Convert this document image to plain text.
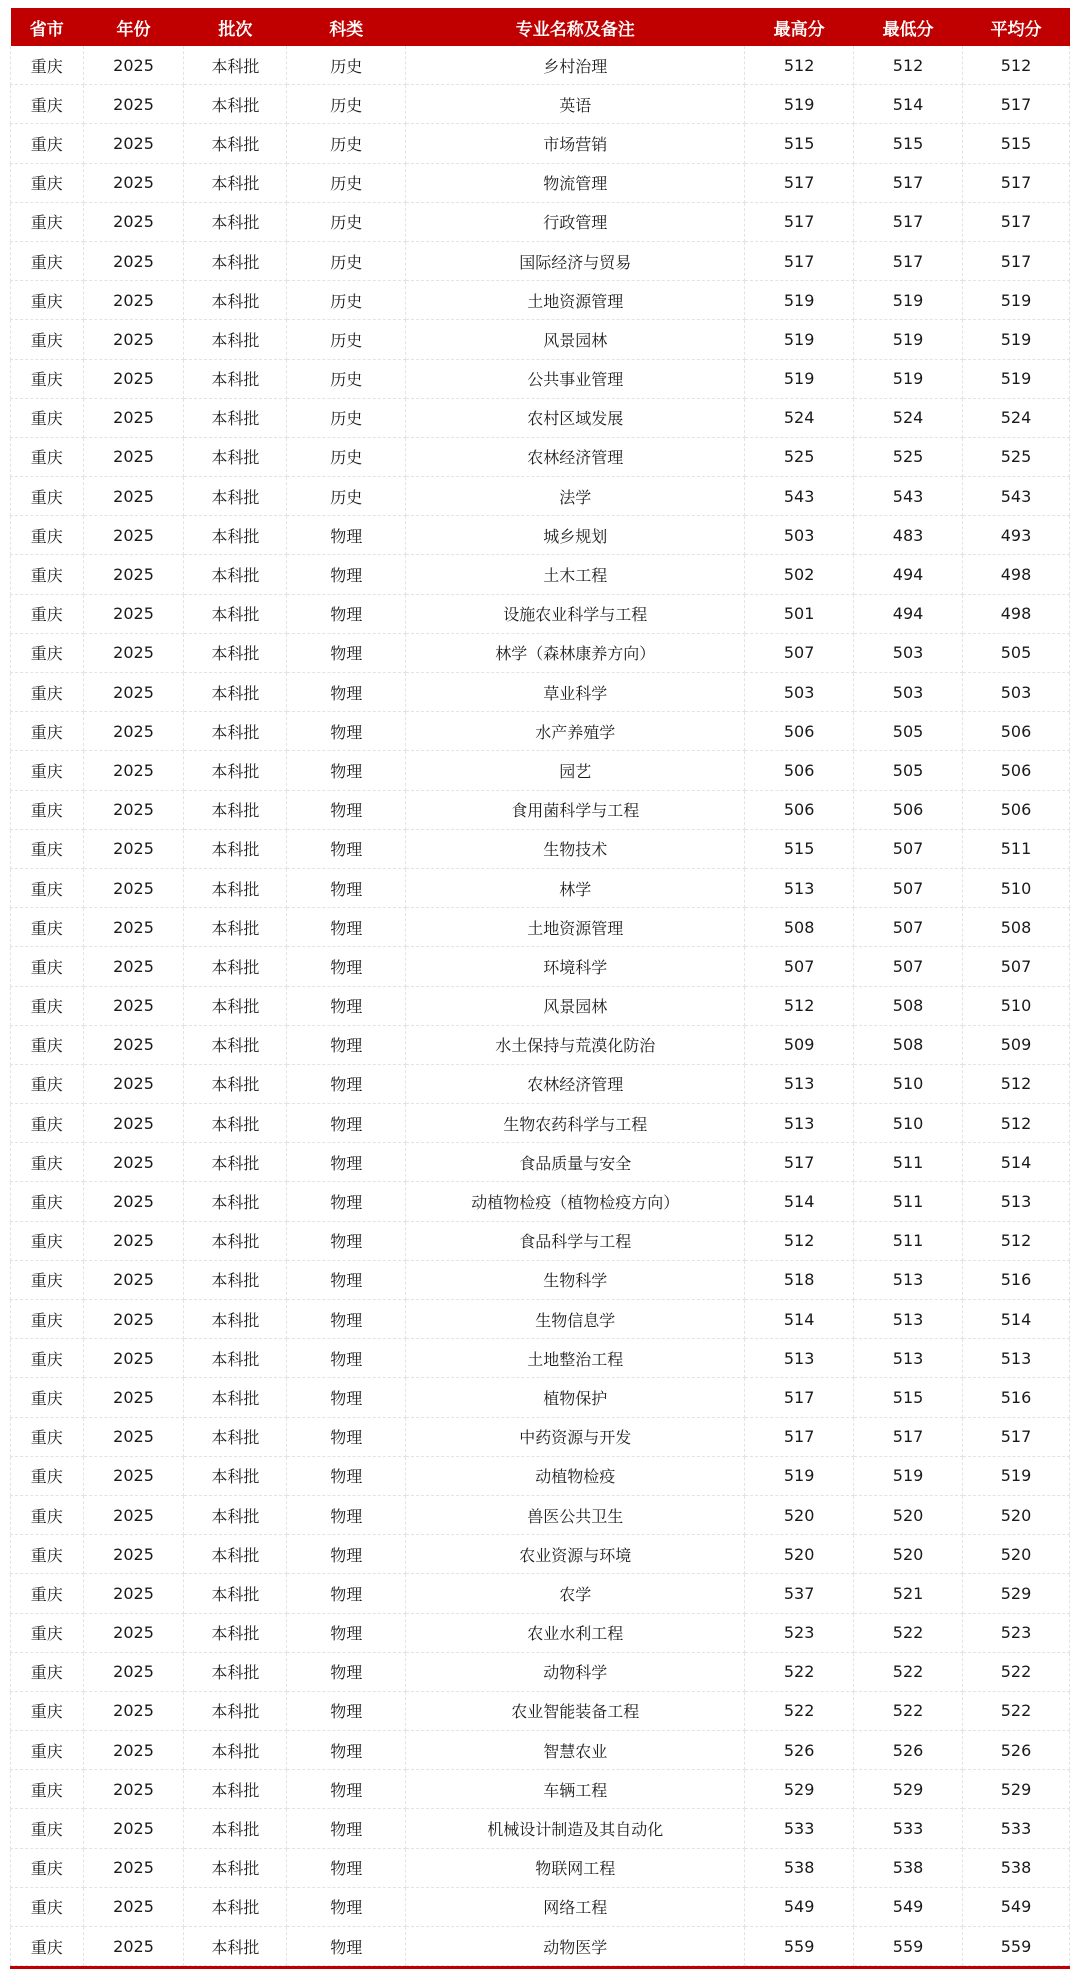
省市	年份	批次	科类	专业名称及备注	最高分	最低分	平均分
重庆	2025	本科批	历史	乡村治理	512	512	512
重庆	2025	本科批	历史	英语	519	514	517
重庆	2025	本科批	历史	市场营销	515	515	515
重庆	2025	本科批	历史	物流管理	517	517	517
重庆	2025	本科批	历史	行政管理	517	517	517
重庆	2025	本科批	历史	国际经济与贸易	517	517	517
重庆	2025	本科批	历史	土地资源管理	519	519	519
重庆	2025	本科批	历史	风景园林	519	519	519
重庆	2025	本科批	历史	公共事业管理	519	519	519
重庆	2025	本科批	历史	农村区域发展	524	524	524
重庆	2025	本科批	历史	农林经济管理	525	525	525
重庆	2025	本科批	历史	法学	543	543	543
重庆	2025	本科批	物理	城乡规划	503	483	493
重庆	2025	本科批	物理	土木工程	502	494	498
重庆	2025	本科批	物理	设施农业科学与工程	501	494	498
重庆	2025	本科批	物理	林学（森林康养方向）	507	503	505
重庆	2025	本科批	物理	草业科学	503	503	503
重庆	2025	本科批	物理	水产养殖学	506	505	506
重庆	2025	本科批	物理	园艺	506	505	506
重庆	2025	本科批	物理	食用菌科学与工程	506	506	506
重庆	2025	本科批	物理	生物技术	515	507	511
重庆	2025	本科批	物理	林学	513	507	510
重庆	2025	本科批	物理	土地资源管理	508	507	508
重庆	2025	本科批	物理	环境科学	507	507	507
重庆	2025	本科批	物理	风景园林	512	508	510
重庆	2025	本科批	物理	水土保持与荒漠化防治	509	508	509
重庆	2025	本科批	物理	农林经济管理	513	510	512
重庆	2025	本科批	物理	生物农药科学与工程	513	510	512
重庆	2025	本科批	物理	食品质量与安全	517	511	514
重庆	2025	本科批	物理	动植物检疫（植物检疫方向）	514	511	513
重庆	2025	本科批	物理	食品科学与工程	512	511	512
重庆	2025	本科批	物理	生物科学	518	513	516
重庆	2025	本科批	物理	生物信息学	514	513	514
重庆	2025	本科批	物理	土地整治工程	513	513	513
重庆	2025	本科批	物理	植物保护	517	515	516
重庆	2025	本科批	物理	中药资源与开发	517	517	517
重庆	2025	本科批	物理	动植物检疫	519	519	519
重庆	2025	本科批	物理	兽医公共卫生	520	520	520
重庆	2025	本科批	物理	农业资源与环境	520	520	520
重庆	2025	本科批	物理	农学	537	521	529
重庆	2025	本科批	物理	农业水利工程	523	522	523
重庆	2025	本科批	物理	动物科学	522	522	522
重庆	2025	本科批	物理	农业智能装备工程	522	522	522
重庆	2025	本科批	物理	智慧农业	526	526	526
重庆	2025	本科批	物理	车辆工程	529	529	529
重庆	2025	本科批	物理	机械设计制造及其自动化	533	533	533
重庆	2025	本科批	物理	物联网工程	538	538	538
重庆	2025	本科批	物理	网络工程	549	549	549
重庆	2025	本科批	物理	动物医学	559	559	559
